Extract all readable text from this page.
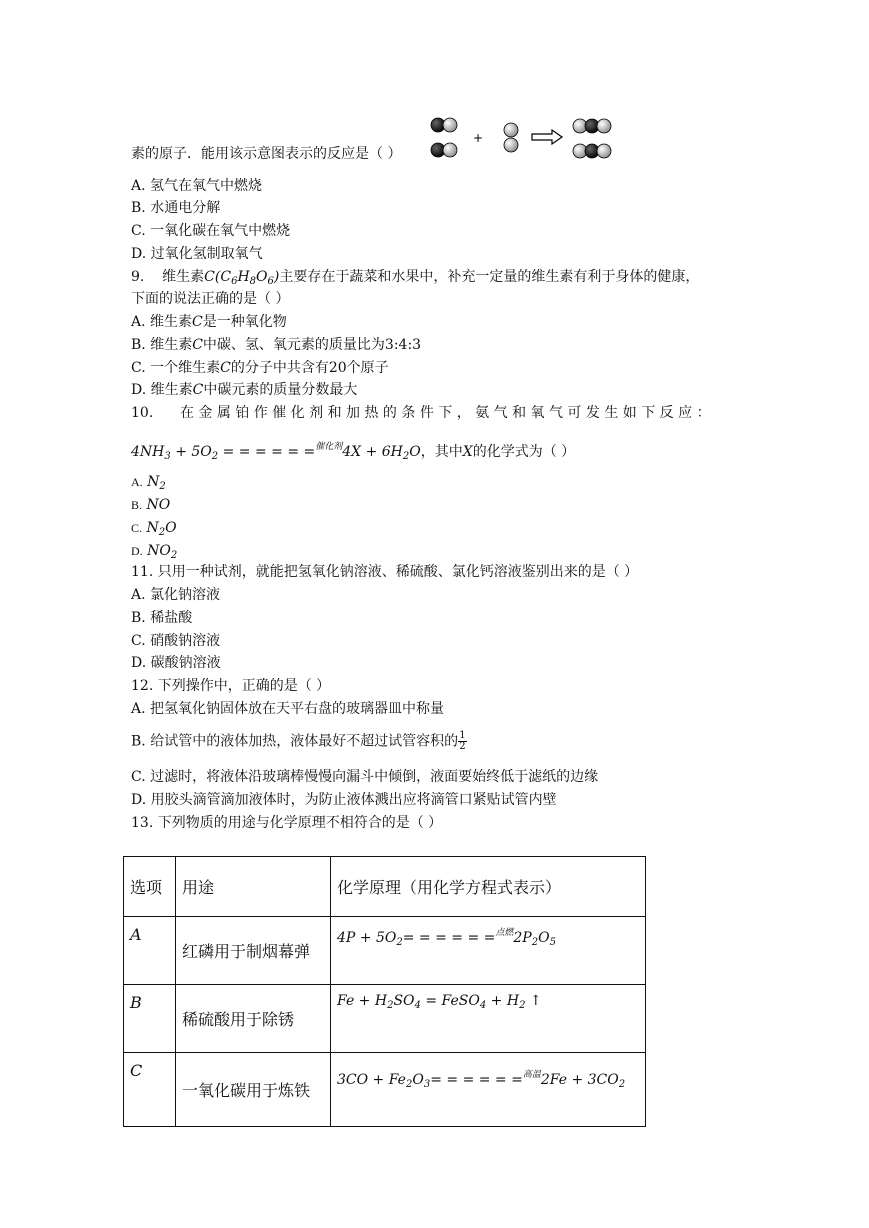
+
素的原子．能用该示意图表示的反应是（ ）
A. 氢气在氧气中燃烧
B. 水通电分解
C. 一氧化碳在氧气中燃烧
D. 过氧化氢制取氧气
9. 维生素$C(C_6H_8O_6)$主要存在于蔬菜和水果中，补充一定量的维生素有利于身体的健康，
下面的说法正确的是（ ）
A. 维生素C是一种氧化物
B. 维生素C中碳、氢、氧元素的质量比为3:4:3
C. 一个维生素C的分子中共含有20个原子
D. 维生素C中碳元素的质量分数最大
10. 在 金 属 铂 作 催 化 剂 和 加 热 的 条 件 下 ， 氨 气 和 氧 气 可 发 生 如 下 反 应 ：
$4NH_3 + 5O_2$ = = = = = $=^{催化剂}4X + 6H_2O$，其中X的化学式为（ ）
A. $N_2$
B. NO
C. $N_2O$
D. $NO_2$
11. 只用一种试剂，就能把氢氧化钠溶液、稀硫酸、氯化钙溶液鉴别出来的是（ ）
A. 氯化钠溶液
B. 稀盐酸
C. 硝酸钠溶液
D. 碳酸钠溶液
12. 下列操作中，正确的是（ ）
A. 把氢氧化钠固体放在天平右盘的玻璃器皿中称量
B. 给试管中的液体加热，液体最好不超过试管容积的 $\frac{1}{2}$
C. 过滤时，将液体沿玻璃棒慢慢向漏斗中倾倒，液面要始终低于滤纸的边缘
D. 用胶头滴管滴加液体时，为防止液体溅出应将滴管口紧贴试管内壁
13. 下列物质的用途与化学原理不相符合的是（ ）
选项	用途	化学原理（用化学方程式表示）
A	红磷用于制烟幕弹	$4P + 5O_2=$ = = = = $=^{点燃}2P_2O_5$
B	稀硫酸用于除锈	$Fe + H_2SO_4$ = FeSO$_4$ + $H_2$ ↑
C	一氧化碳用于炼铁	$3CO + Fe_2O_3=$ = = = = $=^{高温}2Fe + 3CO_2$
